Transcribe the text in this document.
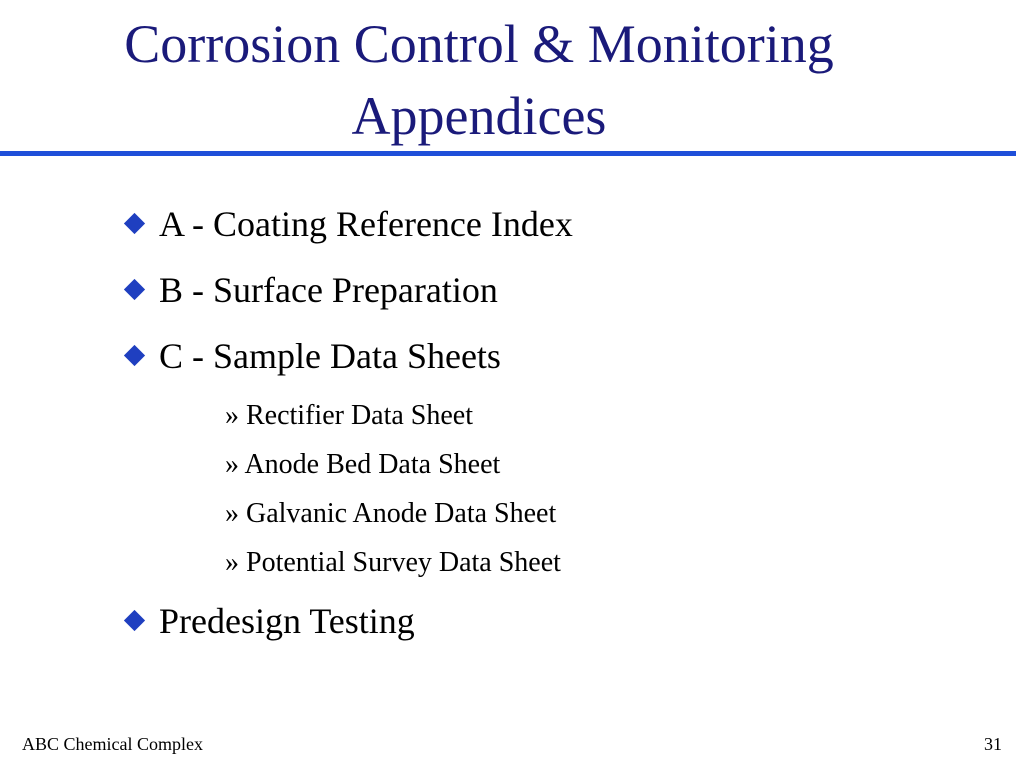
Corrosion Control & Monitoring
Appendices
A - Coating Reference Index
B - Surface Preparation
C - Sample Data Sheets
» Rectifier Data Sheet
» Anode Bed Data Sheet
» Galvanic Anode Data Sheet
» Potential Survey Data Sheet
Predesign Testing
ABC Chemical Complex	31
